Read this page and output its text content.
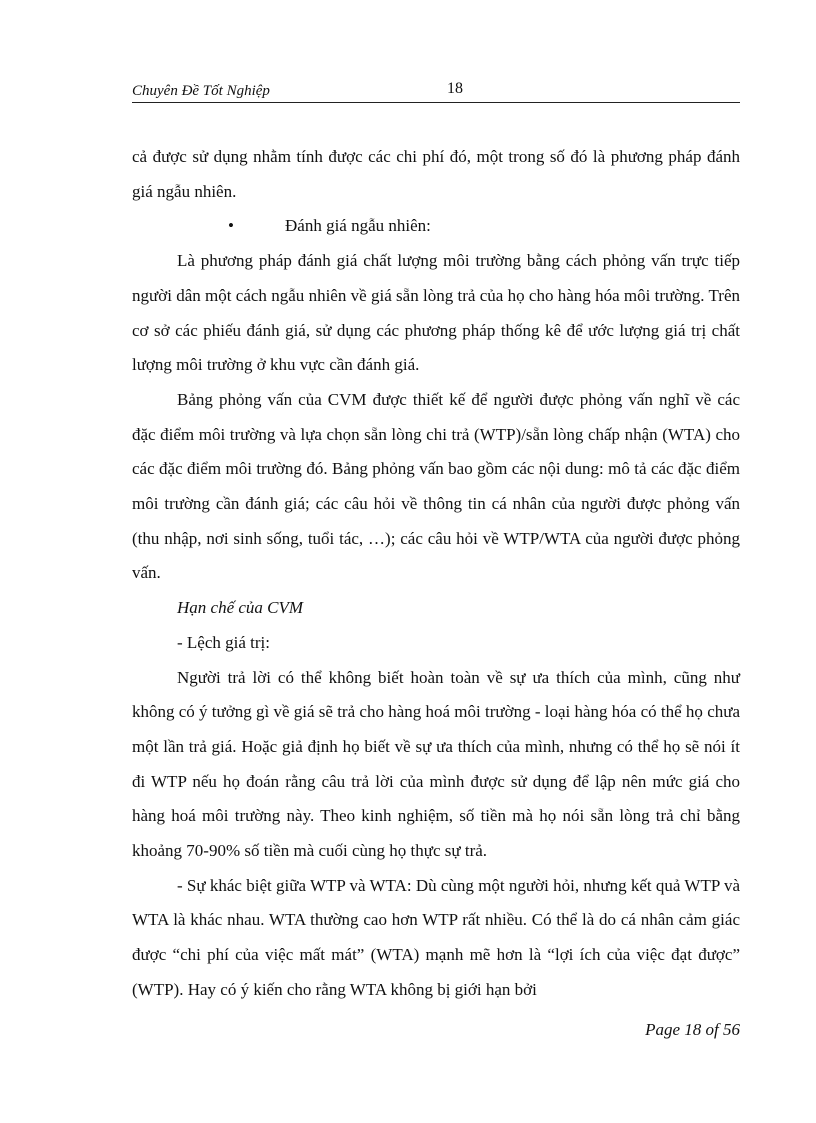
Chuyên Đề Tốt Nghiệp	18

cả được sử dụng nhằm tính được các chi phí đó, một trong số đó là phương pháp đánh giá ngẫu nhiên.

•	Đánh giá ngẫu nhiên:

Là phương pháp đánh giá chất lượng môi trường bằng cách phỏng vấn trực tiếp người dân một cách ngẫu nhiên về giá sẵn lòng trả của họ cho hàng hóa môi trường. Trên cơ sở các phiếu đánh giá, sử dụng các phương pháp thống kê để ước lượng giá trị chất lượng môi trường ở khu vực cần đánh giá.

Bảng phỏng vấn của CVM được thiết kế để người được phỏng vấn nghĩ về các đặc điểm môi trường và lựa chọn sẵn lòng chi trả (WTP)/sẵn lòng chấp nhận (WTA) cho các đặc điểm môi trường đó. Bảng phỏng vấn bao gồm các nội dung: mô tả các đặc điểm môi trường cần đánh giá; các câu hỏi về thông tin cá nhân của người được phỏng vấn (thu nhập, nơi sinh sống, tuổi tác, …); các câu hỏi về WTP/WTA của người được phỏng vấn.

Hạn chế của CVM

- Lệch giá trị:

Người trả lời có thể không biết hoàn toàn về sự ưa thích của mình, cũng như không có ý tưởng gì về giá sẽ trả cho hàng hoá môi trường - loại hàng hóa có thể họ chưa một lần trả giá. Hoặc giả định họ biết về sự ưa thích của mình, nhưng có thể họ sẽ nói ít đi WTP nếu họ đoán rằng câu trả lời của mình được sử dụng để lập nên mức giá cho hàng hoá môi trường này. Theo kinh nghiệm, số tiền mà họ nói sẵn lòng trả chỉ bằng khoảng 70-90% số tiền mà cuối cùng họ thực sự trả.

- Sự khác biệt giữa WTP và WTA: Dù cùng một người hỏi, nhưng kết quả WTP và WTA là khác nhau. WTA thường cao hơn WTP rất nhiều. Có thể là do cá nhân cảm giác được “chi phí của việc mất mát” (WTA) mạnh mẽ hơn là “lợi ích của việc đạt được” (WTP). Hay có ý kiến cho rằng WTA không bị giới hạn bởi

Page 18 of 56
